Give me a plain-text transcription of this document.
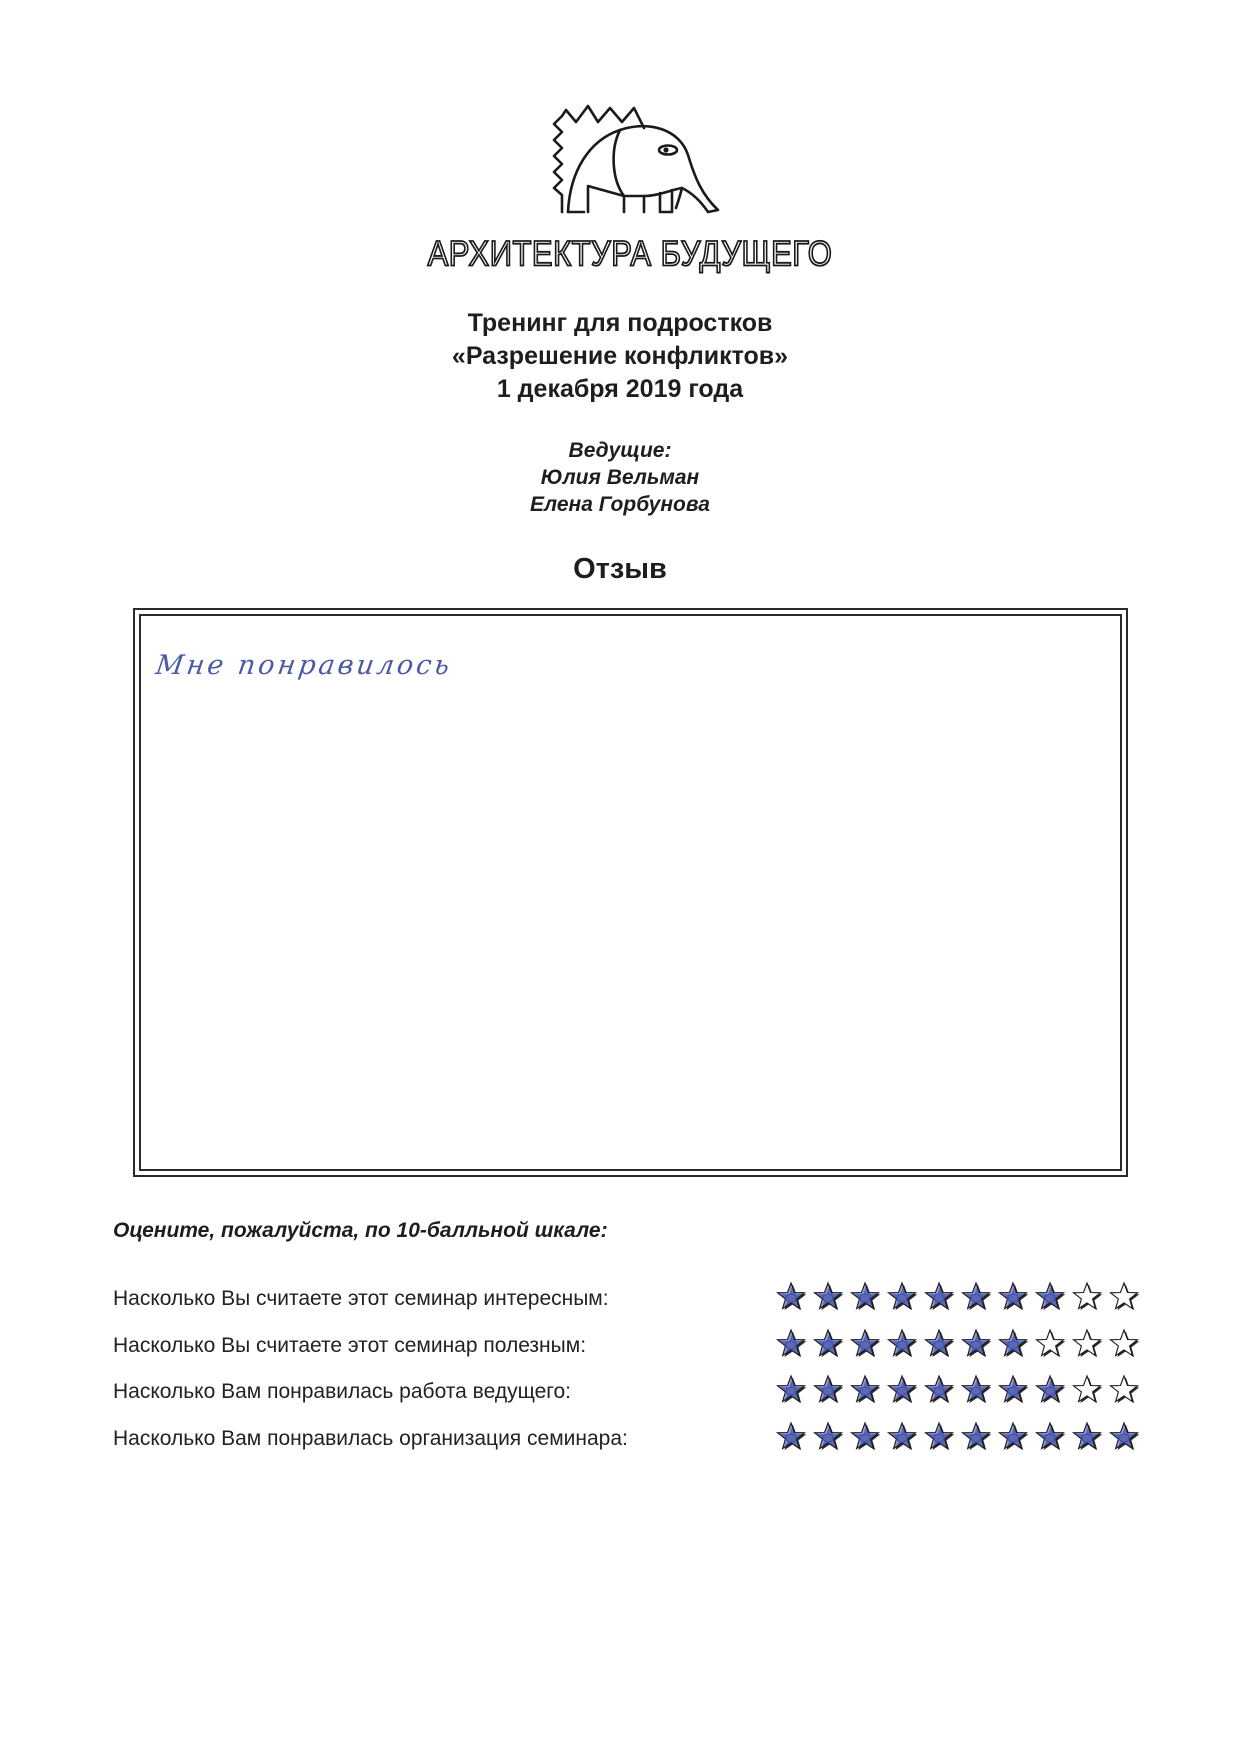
АРХИТЕКТУРА БУДУЩЕГО
Тренинг для подростков
«Разрешение конфликтов»
1 декабря 2019 года
Ведущие:
Юлия Вельман
Елена Горбунова
Отзыв
Мне понравилось
Оцените, пожалуйста, по 10-балльной шкале:
Насколько Вы считаете этот семинар интересным:
Насколько Вы считаете этот семинар полезным:
Насколько Вам понравилась работа ведущего:
Насколько Вам понравилась организация семинара:
